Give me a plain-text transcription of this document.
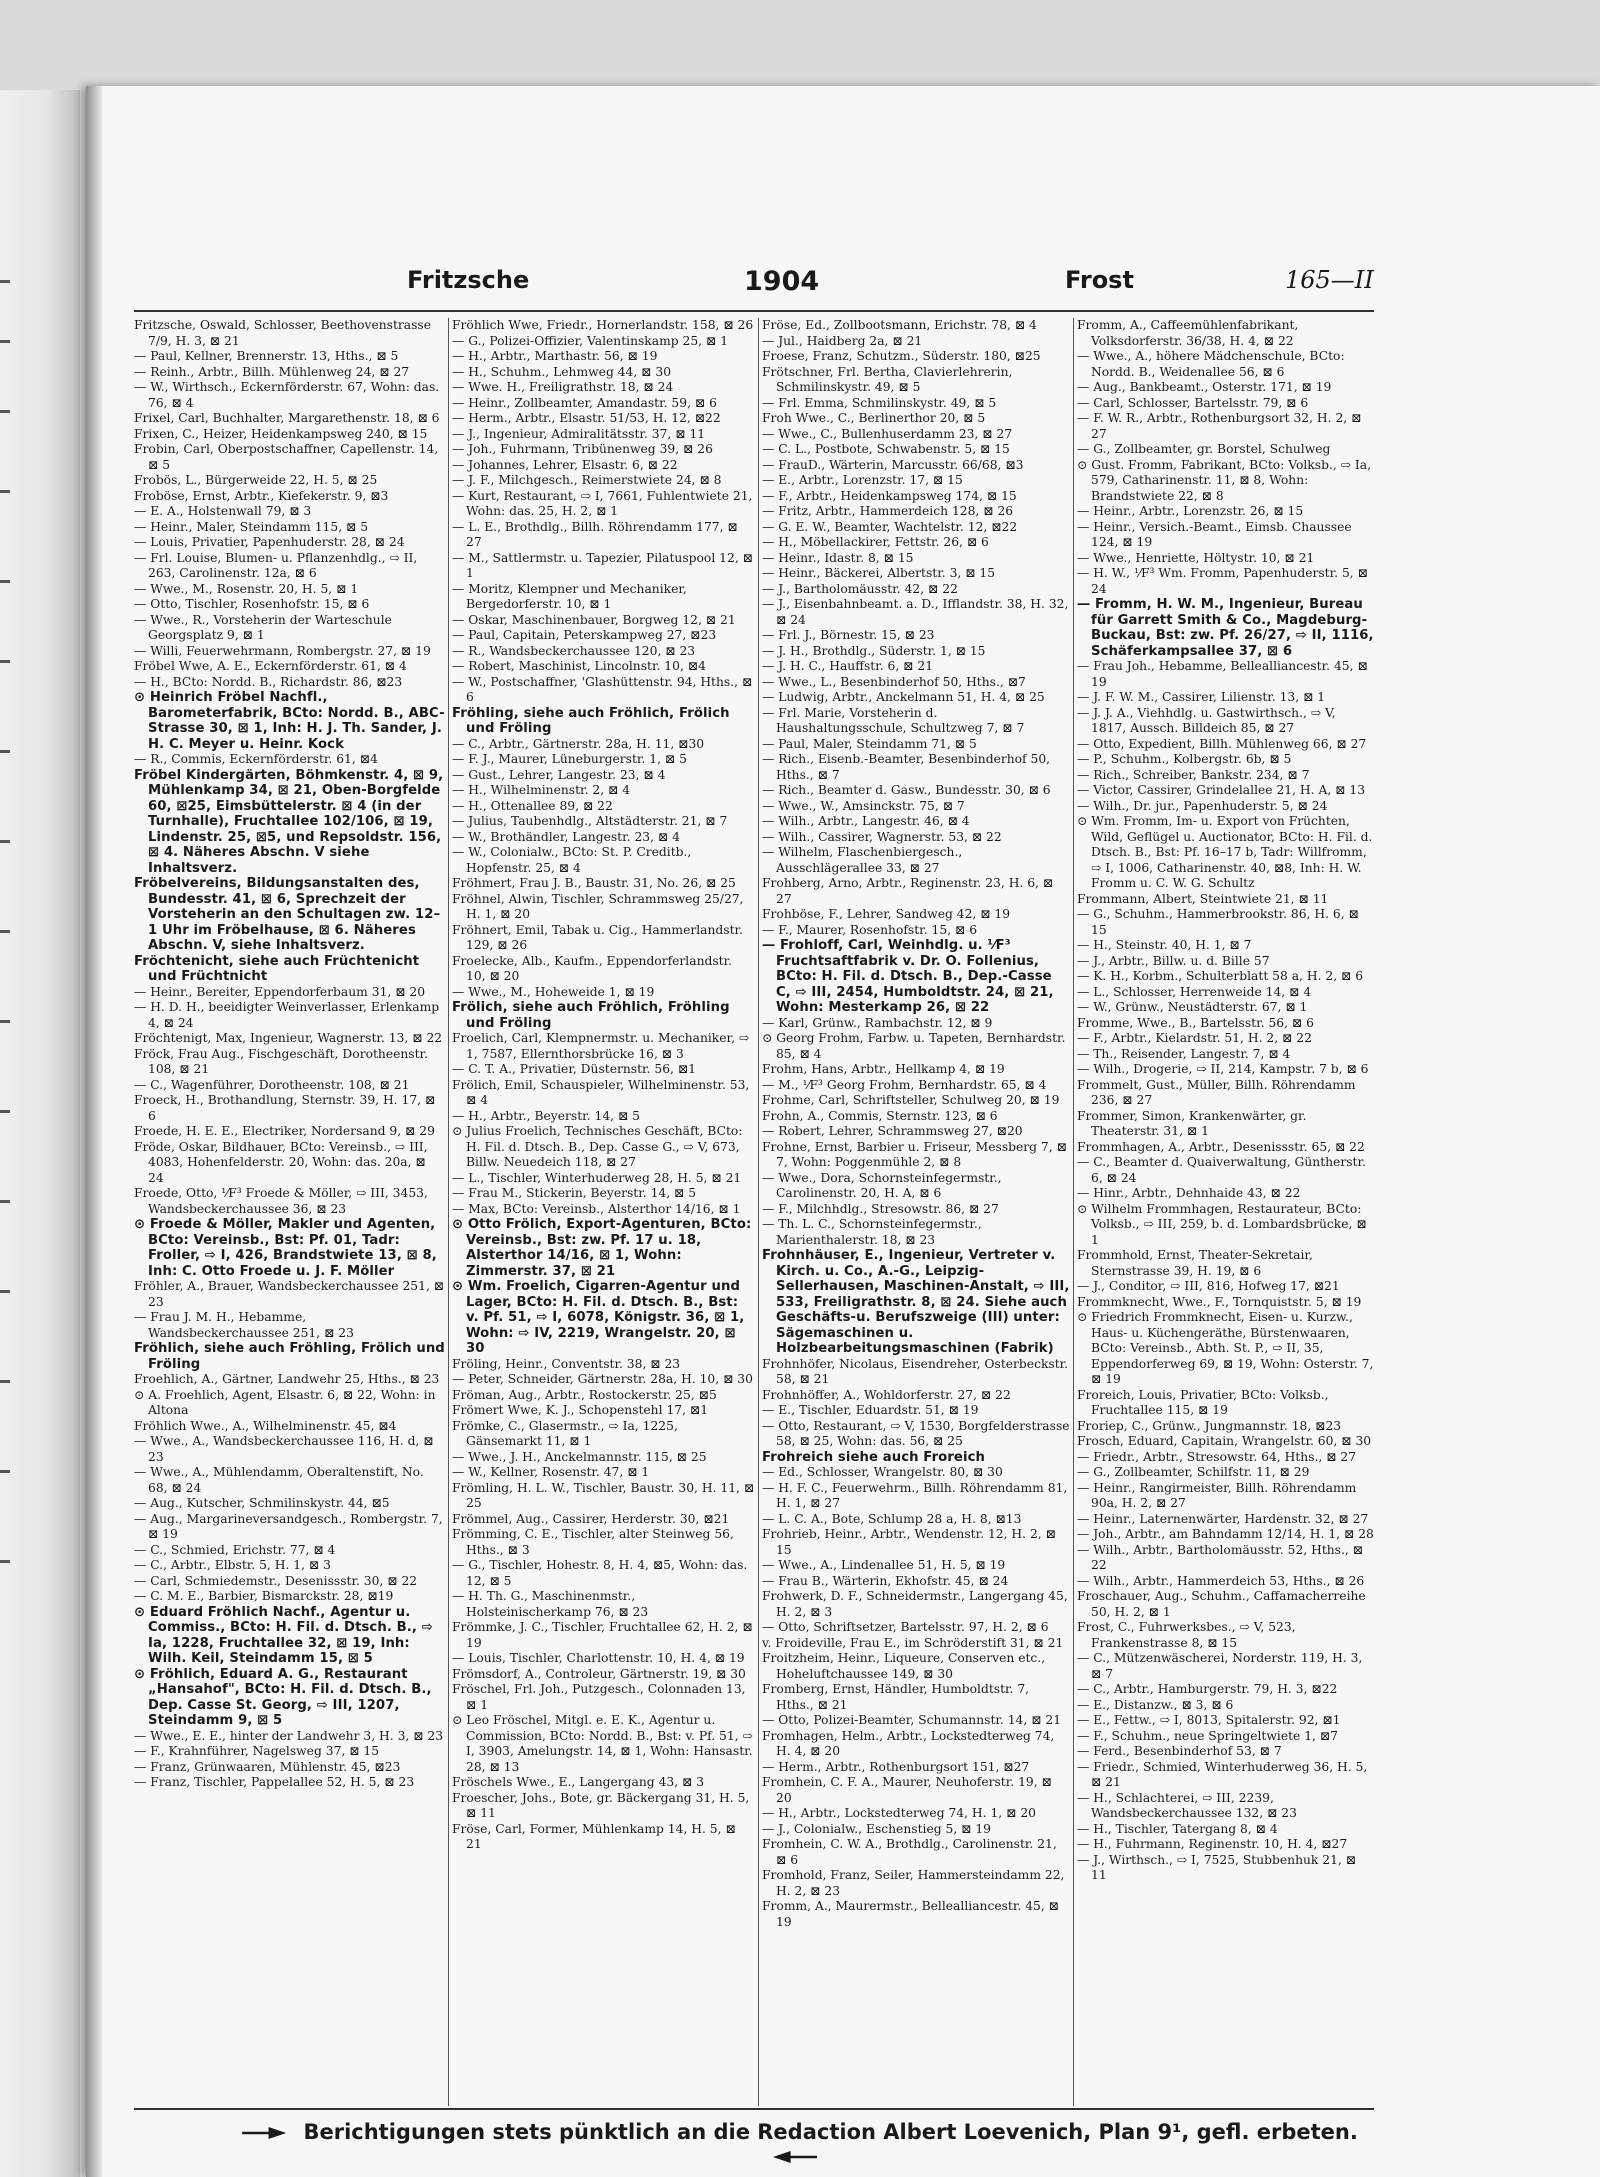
Fritzsche	1904	Frost	165—II

Fritzsche, Oswald, Schlosser, Beethovenstrasse 7/9, H. 3, ⊠ 21

— Paul, Kellner, Brennerstr. 13, Hths., ⊠ 5

— Reinh., Arbtr., Billh. Mühlenweg 24, ⊠ 27

— W., Wirthsch., Eckernförderstr. 67, Wohn: das. 76, ⊠ 4

Frixel, Carl, Buchhalter, Margarethenstr. 18, ⊠ 6

Frixen, C., Heizer, Heidenkampsweg 240, ⊠ 15

Frobin, Carl, Oberpostschaffner, Capellenstr. 14, ⊠ 5

Frobös, L., Bürgerweide 22, H. 5, ⊠ 25

Froböse, Ernst, Arbtr., Kiefekerstr. 9, ⊠3

— E. A., Holstenwall 79, ⊠ 3

— Heinr., Maler, Steindamm 115, ⊠ 5

— Louis, Privatier, Papenhuderstr. 28, ⊠ 24

— Frl. Louise, Blumen- u. Pflanzenhdlg., ⇨ II, 263, Carolinenstr. 12a, ⊠ 6

— Wwe., M., Rosenstr. 20, H. 5, ⊠ 1

— Otto, Tischler, Rosenhofstr. 15, ⊠ 6

— Wwe., R., Vorsteherin der Warteschule Georgsplatz 9, ⊠ 1

— Willi, Feuerwehrmann, Rombergstr. 27, ⊠ 19

Fröbel Wwe, A. E., Eckernförderstr. 61, ⊠ 4

— H., BCto: Nordd. B., Richardstr. 86, ⊠23

⊙ Heinrich Fröbel Nachfl., Barometerfabrik, BCto: Nordd. B., ABC-Strasse 30, ⊠ 1, Inh: H. J. Th. Sander, J. H. C. Meyer u. Heinr. Kock

— R., Commis, Eckernförderstr. 61, ⊠4

Fröbel Kindergärten, Böhmkenstr. 4, ⊠ 9, Mühlenkamp 34, ⊠ 21, Oben-Borgfelde 60, ⊠25, Eimsbüttelerstr. ⊠ 4 (in der Turnhalle), Fruchtallee 102/106, ⊠ 19, Lindenstr. 25, ⊠5, und Repsoldstr. 156, ⊠ 4. Näheres Abschn. V siehe Inhaltsverz.

Fröbelvereins, Bildungsanstalten des, Bundesstr. 41, ⊠ 6, Sprechzeit der Vorsteherin an den Schultagen zw. 12–1 Uhr im Fröbelhause, ⊠ 6. Näheres Abschn. V, siehe Inhaltsverz.

Fröchtenicht, siehe auch Früchtenicht und Früchtnicht

— Heinr., Bereiter, Eppendorferbaum 31, ⊠ 20

— H. D. H., beeidigter Weinverlasser, Erlenkamp 4, ⊠ 24

Fröchtenigt, Max, Ingenieur, Wagnerstr. 13, ⊠ 22

Fröck, Frau Aug., Fischgeschäft, Dorotheenstr. 108, ⊠ 21

— C., Wagenführer, Dorotheenstr. 108, ⊠ 21

Froeck, H., Brothandlung, Sternstr. 39, H. 17, ⊠ 6

Froede, H. E. E., Electriker, Nordersand 9, ⊠ 29

Fröde, Oskar, Bildhauer, BCto: Vereinsb., ⇨ III, 4083, Hohenfelderstr. 20, Wohn: das. 20a, ⊠ 24

Froede, Otto, ⅟F³ Froede & Möller, ⇨ III, 3453, Wandsbeckerchaussee 36, ⊠ 23

⊙ Froede & Möller, Makler und Agenten, BCto: Vereinsb., Bst: Pf. 01, Tadr: Froller, ⇨ I, 426, Brandstwiete 13, ⊠ 8, Inh: C. Otto Froede u. J. F. Möller

Fröhler, A., Brauer, Wandsbeckerchaussee 251, ⊠ 23

— Frau J. M. H., Hebamme, Wandsbeckerchaussee 251, ⊠ 23

Fröhlich, siehe auch Fröhling, Frölich und Fröling

Froehlich, A., Gärtner, Landwehr 25, Hths., ⊠ 23

⊙ A. Froehlich, Agent, Elsastr. 6, ⊠ 22, Wohn: in Altona

Fröhlich Wwe., A., Wilhelminenstr. 45, ⊠4

— Wwe., A., Wandsbeckerchaussee 116, H. d, ⊠ 23

— Wwe., A., Mühlendamm, Oberaltenstift, No. 68, ⊠ 24

— Aug., Kutscher, Schmilinskystr. 44, ⊠5

— Aug., Margarineversandgesch., Rombergstr. 7, ⊠ 19

— C., Schmied, Erichstr. 77, ⊠ 4

— C., Arbtr., Elbstr. 5, H. 1, ⊠ 3

— Carl, Schmiedemstr., Desenissstr. 30, ⊠ 22

— C. M. E., Barbier, Bismarckstr. 28, ⊠19

⊙ Eduard Fröhlich Nachf., Agentur u. Commiss., BCto: H. Fil. d. Dtsch. B., ⇨ Ia, 1228, Fruchtallee 32, ⊠ 19, Inh: Wilh. Keil, Steindamm 15, ⊠ 5

⊙ Fröhlich, Eduard A. G., Restaurant „Hansahof", BCto: H. Fil. d. Dtsch. B., Dep. Casse St. Georg, ⇨ III, 1207, Steindamm 9, ⊠ 5

— Wwe., E. E., hinter der Landwehr 3, H. 3, ⊠ 23

— F., Krahnführer, Nagelsweg 37, ⊠ 15

— Franz, Grünwaaren, Mühlenstr. 45, ⊠23

— Franz, Tischler, Pappelallee 52, H. 5, ⊠ 23

Fröhlich Wwe, Friedr., Hornerlandstr. 158, ⊠ 26

— G., Polizei-Offizier, Valentinskamp 25, ⊠ 1

— H., Arbtr., Marthastr. 56, ⊠ 19

— H., Schuhm., Lehmweg 44, ⊠ 30

— Wwe. H., Freiligrathstr. 18, ⊠ 24

— Heinr., Zollbeamter, Amandastr. 59, ⊠ 6

— Herm., Arbtr., Elsastr. 51/53, H. 12, ⊠22

— J., Ingenieur, Admiralitätsstr. 37, ⊠ 11

— Joh., Fuhrmann, Tribünenweg 39, ⊠ 26

— Johannes, Lehrer, Elsastr. 6, ⊠ 22

— J. F., Milchgesch., Reimerstwiete 24, ⊠ 8

— Kurt, Restaurant, ⇨ I, 7661, Fuhlentwiete 21, Wohn: das. 25, H. 2, ⊠ 1

— L. E., Brothdlg., Billh. Röhrendamm 177, ⊠ 27

— M., Sattlermstr. u. Tapezier, Pilatuspool 12, ⊠ 1

— Moritz, Klempner und Mechaniker, Bergedorferstr. 10, ⊠ 1

— Oskar, Maschinenbauer, Borgweg 12, ⊠ 21

— Paul, Capitain, Peterskampweg 27, ⊠23

— R., Wandsbeckerchaussee 120, ⊠ 23

— Robert, Maschinist, Lincolnstr. 10, ⊠4

— W., Postschaffner, 'Glashüttenstr. 94, Hths., ⊠ 6

Fröhling, siehe auch Fröhlich, Frölich und Fröling

— C., Arbtr., Gärtnerstr. 28a, H. 11, ⊠30

— F. J., Maurer, Lüneburgerstr. 1, ⊠ 5

— Gust., Lehrer, Langestr. 23, ⊠ 4

— H., Wilhelminenstr. 2, ⊠ 4

— H., Ottenallee 89, ⊠ 22

— Julius, Taubenhdlg., Altstädterstr. 21, ⊠ 7

— W., Brothändler, Langestr. 23, ⊠ 4

— W., Colonialw., BCto: St. P. Creditb., Hopfenstr. 25, ⊠ 4

Fröhmert, Frau J. B., Baustr. 31, No. 26, ⊠ 25

Fröhnel, Alwin, Tischler, Schrammsweg 25/27, H. 1, ⊠ 20

Fröhnert, Emil, Tabak u. Cig., Hammerlandstr. 129, ⊠ 26

Froelecke, Alb., Kaufm., Eppendorferlandstr. 10, ⊠ 20

— Wwe., M., Hoheweide 1, ⊠ 19

Frölich, siehe auch Fröhlich, Fröhling und Fröling

Froelich, Carl, Klempnermstr. u. Mechaniker, ⇨ 1, 7587, Ellernthorsbrücke 16, ⊠ 3

— C. T. A., Privatier, Düsternstr. 56, ⊠1

Frölich, Emil, Schauspieler, Wilhelminenstr. 53, ⊠ 4

— H., Arbtr., Beyerstr. 14, ⊠ 5

⊙ Julius Froelich, Technisches Geschäft, BCto: H. Fil. d. Dtsch. B., Dep. Casse G., ⇨ V, 673, Billw. Neuedeich 118, ⊠ 27

— L., Tischler, Winterhuderweg 28, H. 5, ⊠ 21

— Frau M., Stickerin, Beyerstr. 14, ⊠ 5

— Max, BCto: Vereinsb., Alsterthor 14/16, ⊠ 1

⊙ Otto Frölich, Export-Agenturen, BCto: Vereinsb., Bst: zw. Pf. 17 u. 18, Alsterthor 14/16, ⊠ 1, Wohn: Zimmerstr. 37, ⊠ 21

⊙ Wm. Froelich, Cigarren-Agentur und Lager, BCto: H. Fil. d. Dtsch. B., Bst: v. Pf. 51, ⇨ I, 6078, Königstr. 36, ⊠ 1, Wohn: ⇨ IV, 2219, Wrangelstr. 20, ⊠ 30

Fröling, Heinr., Conventstr. 38, ⊠ 23

— Peter, Schneider, Gärtnerstr. 28a, H. 10, ⊠ 30

Fröman, Aug., Arbtr., Rostockerstr. 25, ⊠5

Frömert Wwe, K. J., Schopenstehl 17, ⊠1

Frömke, C., Glasermstr., ⇨ Ia, 1225, Gänsemarkt 11, ⊠ 1

— Wwe., J. H., Anckelmannstr. 115, ⊠ 25

— W., Kellner, Rosenstr. 47, ⊠ 1

Frömling, H. L. W., Tischler, Baustr. 30, H. 11, ⊠ 25

Frömmel, Aug., Cassirer, Herderstr. 30, ⊠21

Frömming, C. E., Tischler, alter Steinweg 56, Hths., ⊠ 3

— G., Tischler, Hohestr. 8, H. 4, ⊠5, Wohn: das. 12, ⊠ 5

— H. Th. G., Maschinenmstr., Holsteinischerkamp 76, ⊠ 23

Frömmke, J. C., Tischler, Fruchtallee 62, H. 2, ⊠ 19

— Louis, Tischler, Charlottenstr. 10, H. 4, ⊠ 19

Frömsdorf, A., Controleur, Gärtnerstr. 19, ⊠ 30

Fröschel, Frl. Joh., Putzgesch., Colonnaden 13, ⊠ 1

⊙ Leo Fröschel, Mitgl. e. E. K., Agentur u. Commission, BCto: Nordd. B., Bst: v. Pf. 51, ⇨ I, 3903, Amelungstr. 14, ⊠ 1, Wohn: Hansastr. 28, ⊠ 13

Fröschels Wwe., E., Langergang 43, ⊠ 3

Froescher, Johs., Bote, gr. Bäckergang 31, H. 5, ⊠ 11

Fröse, Carl, Former, Mühlenkamp 14, H. 5, ⊠ 21

Fröse, Ed., Zollbootsmann, Erichstr. 78, ⊠ 4

— Jul., Haidberg 2a, ⊠ 21

Froese, Franz, Schutzm., Süderstr. 180, ⊠25

Frötschner, Frl. Bertha, Clavierlehrerin, Schmilinskystr. 49, ⊠ 5

— Frl. Emma, Schmilinskystr. 49, ⊠ 5

Froh Wwe., C., Berlinerthor 20, ⊠ 5

— Wwe., C., Bullenhuserdamm 23, ⊠ 27

— C. L., Postbote, Schwabenstr. 5, ⊠ 15

— FrauD., Wärterin, Marcusstr. 66/68, ⊠3

— E., Arbtr., Lorenzstr. 17, ⊠ 15

— F., Arbtr., Heidenkampsweg 174, ⊠ 15

— Fritz, Arbtr., Hammerdeich 128, ⊠ 26

— G. E. W., Beamter, Wachtelstr. 12, ⊠22

— H., Möbellackirer, Fettstr. 26, ⊠ 6

— Heinr., Idastr. 8, ⊠ 15

— Heinr., Bäckerei, Albertstr. 3, ⊠ 15

— J., Bartholomäusstr. 42, ⊠ 22

— J., Eisenbahnbeamt. a. D., Ifflandstr. 38, H. 32, ⊠ 24

— Frl. J., Börnestr. 15, ⊠ 23

— J. H., Brothdlg., Süderstr. 1, ⊠ 15

— J. H. C., Hauffstr. 6, ⊠ 21

— Wwe., L., Besenbinderhof 50, Hths., ⊠7

— Ludwig, Arbtr., Anckelmann 51, H. 4, ⊠ 25

— Frl. Marie, Vorsteherin d. Haushaltungsschule, Schultzweg 7, ⊠ 7

— Paul, Maler, Steindamm 71, ⊠ 5

— Rich., Eisenb.-Beamter, Besenbinderhof 50, Hths., ⊠ 7

— Rich., Beamter d. Gasw., Bundesstr. 30, ⊠ 6

— Wwe., W., Amsinckstr. 75, ⊠ 7

— Wilh., Arbtr., Langestr. 46, ⊠ 4

— Wilh., Cassirer, Wagnerstr. 53, ⊠ 22

— Wilhelm, Flaschenbiergesch., Ausschlägerallee 33, ⊠ 27

Frohberg, Arno, Arbtr., Reginenstr. 23, H. 6, ⊠ 27

Frohböse, F., Lehrer, Sandweg 42, ⊠ 19

— F., Maurer, Rosenhofstr. 15, ⊠ 6

— Frohloff, Carl, Weinhdlg. u. ⅟F³ Fruchtsaftfabrik v. Dr. O. Follenius, BCto: H. Fil. d. Dtsch. B., Dep.-Casse C, ⇨ III, 2454, Humboldtstr. 24, ⊠ 21, Wohn: Mesterkamp 26, ⊠ 22

— Karl, Grünw., Rambachstr. 12, ⊠ 9

⊙ Georg Frohm, Farbw. u. Tapeten, Bernhardstr. 85, ⊠ 4

Frohm, Hans, Arbtr., Hellkamp 4, ⊠ 19

— M., ⅟F³ Georg Frohm, Bernhardstr. 65, ⊠ 4

Frohme, Carl, Schriftsteller, Schulweg 20, ⊠ 19

Frohn, A., Commis, Sternstr. 123, ⊠ 6

— Robert, Lehrer, Schrammsweg 27, ⊠20

Frohne, Ernst, Barbier u. Friseur, Messberg 7, ⊠ 7, Wohn: Poggenmühle 2, ⊠ 8

— Wwe., Dora, Schornsteinfegermstr., Carolinenstr. 20, H. A, ⊠ 6

— F., Milchhdlg., Stresowstr. 86, ⊠ 27

— Th. L. C., Schornsteinfegermstr., Marienthalerstr. 18, ⊠ 23

Frohnhäuser, E., Ingenieur, Vertreter v. Kirch. u. Co., A.-G., Leipzig-Sellerhausen, Maschinen-Anstalt, ⇨ III, 533, Freiligrathstr. 8, ⊠ 24. Siehe auch Geschäfts-u. Berufszweige (III) unter: Sägemaschinen u. Holzbearbeitungsmaschinen (Fabrik)

Frohnhöfer, Nicolaus, Eisendreher, Osterbeckstr. 58, ⊠ 21

Frohnhöffer, A., Wohldorferstr. 27, ⊠ 22

— E., Tischler, Eduardstr. 51, ⊠ 19

— Otto, Restaurant, ⇨ V, 1530, Borgfelderstrasse 58, ⊠ 25, Wohn: das. 56, ⊠ 25

Frohreich siehe auch Froreich

— Ed., Schlosser, Wrangelstr. 80, ⊠ 30

— H. F. C., Feuerwehrm., Billh. Röhrendamm 81, H. 1, ⊠ 27

— L. C. A., Bote, Schlump 28 a, H. 8, ⊠13

Frohrieb, Heinr., Arbtr., Wendenstr. 12, H. 2, ⊠ 15

— Wwe., A., Lindenallee 51, H. 5, ⊠ 19

— Frau B., Wärterin, Ekhofstr. 45, ⊠ 24

Frohwerk, D. F., Schneidermstr., Langergang 45, H. 2, ⊠ 3

— Otto, Schriftsetzer, Bartelsstr. 97, H. 2, ⊠ 6

v. Froideville, Frau E., im Schröderstift 31, ⊠ 21

Froitzheim, Heinr., Liqueure, Conserven etc., Hoheluftchaussee 149, ⊠ 30

Fromberg, Ernst, Händler, Humboldtstr. 7, Hths., ⊠ 21

— Otto, Polizei-Beamter, Schumannstr. 14, ⊠ 21

Fromhagen, Helm., Arbtr., Lockstedterweg 74, H. 4, ⊠ 20

— Herm., Arbtr., Rothenburgsort 151, ⊠27

Fromhein, C. F. A., Maurer, Neuhoferstr. 19, ⊠ 20

— H., Arbtr., Lockstedterweg 74, H. 1, ⊠ 20

— J., Colonialw., Eschenstieg 5, ⊠ 19

Fromhein, C. W. A., Brothdlg., Carolinenstr. 21, ⊠ 6

Fromhold, Franz, Seiler, Hammersteindamm 22, H. 2, ⊠ 23

Fromm, A., Maurermstr., Bellealliancestr. 45, ⊠ 19

Fromm, A., Caffeemühlenfabrikant, Volksdorferstr. 36/38, H. 4, ⊠ 22

— Wwe., A., höhere Mädchenschule, BCto: Nordd. B., Weidenallee 56, ⊠ 6

— Aug., Bankbeamt., Osterstr. 171, ⊠ 19

— Carl, Schlosser, Bartelsstr. 79, ⊠ 6

— F. W. R., Arbtr., Rothenburgsort 32, H. 2, ⊠ 27

— G., Zollbeamter, gr. Borstel, Schulweg

⊙ Gust. Fromm, Fabrikant, BCto: Volksb., ⇨ Ia, 579, Catharinenstr. 11, ⊠ 8, Wohn: Brandstwiete 22, ⊠ 8

— Heinr., Arbtr., Lorenzstr. 26, ⊠ 15

— Heinr., Versich.-Beamt., Eimsb. Chaussee 124, ⊠ 19

— Wwe., Henriette, Höltystr. 10, ⊠ 21

— H. W., ⅟F³ Wm. Fromm, Papenhuderstr. 5, ⊠ 24

— Fromm, H. W. M., Ingenieur, Bureau für Garrett Smith & Co., Magdeburg-Buckau, Bst: zw. Pf. 26/27, ⇨ II, 1116, Schäferkampsallee 37, ⊠ 6

— Frau Joh., Hebamme, Bellealliancestr. 45, ⊠ 19

— J. F. W. M., Cassirer, Lilienstr. 13, ⊠ 1

— J. J. A., Viehhdlg. u. Gastwirthsch., ⇨ V, 1817, Aussch. Billdeich 85, ⊠ 27

— Otto, Expedient, Billh. Mühlenweg 66, ⊠ 27

— P., Schuhm., Kolbergstr. 6b, ⊠ 5

— Rich., Schreiber, Bankstr. 234, ⊠ 7

— Victor, Cassirer, Grindelallee 21, H. A, ⊠ 13

— Wilh., Dr. jur., Papenhuderstr. 5, ⊠ 24

⊙ Wm. Fromm, Im- u. Export von Früchten, Wild, Geflügel u. Auctionator, BCto: H. Fil. d. Dtsch. B., Bst: Pf. 16–17 b, Tadr: Willfromm, ⇨ I, 1006, Catharinenstr. 40, ⊠8, Inh: H. W. Fromm u. C. W. G. Schultz

Frommann, Albert, Steintwiete 21, ⊠ 11

— G., Schuhm., Hammerbrookstr. 86, H. 6, ⊠ 15

— H., Steinstr. 40, H. 1, ⊠ 7

— J., Arbtr., Billw. u. d. Bille 57

— K. H., Korbm., Schulterblatt 58 a, H. 2, ⊠ 6

— L., Schlosser, Herrenweide 14, ⊠ 4

— W., Grünw., Neustädterstr. 67, ⊠ 1

Fromme, Wwe., B., Bartelsstr. 56, ⊠ 6

— F., Arbtr., Kielardstr. 51, H. 2, ⊠ 22

— Th., Reisender, Langestr. 7, ⊠ 4

— Wilh., Drogerie, ⇨ II, 214, Kampstr. 7 b, ⊠ 6

Frommelt, Gust., Müller, Billh. Röhrendamm 236, ⊠ 27

Frommer, Simon, Krankenwärter, gr. Theaterstr. 31, ⊠ 1

Frommhagen, A., Arbtr., Desenissstr. 65, ⊠ 22

— C., Beamter d. Quaiverwaltung, Güntherstr. 6, ⊠ 24

— Hinr., Arbtr., Dehnhaide 43, ⊠ 22

⊙ Wilhelm Frommhagen, Restaurateur, BCto: Volksb., ⇨ III, 259, b. d. Lombardsbrücke, ⊠ 1

Frommhold, Ernst, Theater-Sekretair, Sternstrasse 39, H. 19, ⊠ 6

— J., Conditor, ⇨ III, 816, Hofweg 17, ⊠21

Frommknecht, Wwe., F., Tornquiststr. 5, ⊠ 19

⊙ Friedrich Frommknecht, Eisen- u. Kurzw., Haus- u. Küchengeräthe, Bürstenwaaren, BCto: Vereinsb., Abth. St. P., ⇨ II, 35, Eppendorferweg 69, ⊠ 19, Wohn: Osterstr. 7, ⊠ 19

Froreich, Louis, Privatier, BCto: Volksb., Fruchtallee 115, ⊠ 19

Froriep, C., Grünw., Jungmannstr. 18, ⊠23

Frosch, Eduard, Capitain, Wrangelstr. 60, ⊠ 30

— Friedr., Arbtr., Stresowstr. 64, Hths., ⊠ 27

— G., Zollbeamter, Schilfstr. 11, ⊠ 29

— Heinr., Rangirmeister, Billh. Röhrendamm 90a, H. 2, ⊠ 27

— Heinr., Laternenwärter, Hardenstr. 32, ⊠ 27

— Joh., Arbtr., am Bahndamm 12/14, H. 1, ⊠ 28

— Wilh., Arbtr., Bartholomäusstr. 52, Hths., ⊠ 22

— Wilh., Arbtr., Hammerdeich 53, Hths., ⊠ 26

Froschauer, Aug., Schuhm., Caffamacherreihe 50, H. 2, ⊠ 1

Frost, C., Fuhrwerksbes., ⇨ V, 523, Frankenstrasse 8, ⊠ 15

— C., Mützenwäscherei, Norderstr. 119, H. 3, ⊠ 7

— C., Arbtr., Hamburgerstr. 79, H. 3, ⊠22

— E., Distanzw., ⊠ 3, ⊠ 6

— E., Fettw., ⇨ I, 8013, Spitalerstr. 92, ⊠1

— F., Schuhm., neue Springeltwiete 1, ⊠7

— Ferd., Besenbinderhof 53, ⊠ 7

— Friedr., Schmied, Winterhuderweg 36, H. 5, ⊠ 21

— H., Schlachterei, ⇨ III, 2239, Wandsbeckerchaussee 132, ⊠ 23

— H., Tischler, Tatergang 8, ⊠ 4

— H., Fuhrmann, Reginenstr. 10, H. 4, ⊠27

— J., Wirthsch., ⇨ I, 7525, Stubbenhuk 21, ⊠ 11

Berichtigungen stets pünktlich an die Redaction Albert Loevenich, Plan 9¹, gefl. erbeten.
